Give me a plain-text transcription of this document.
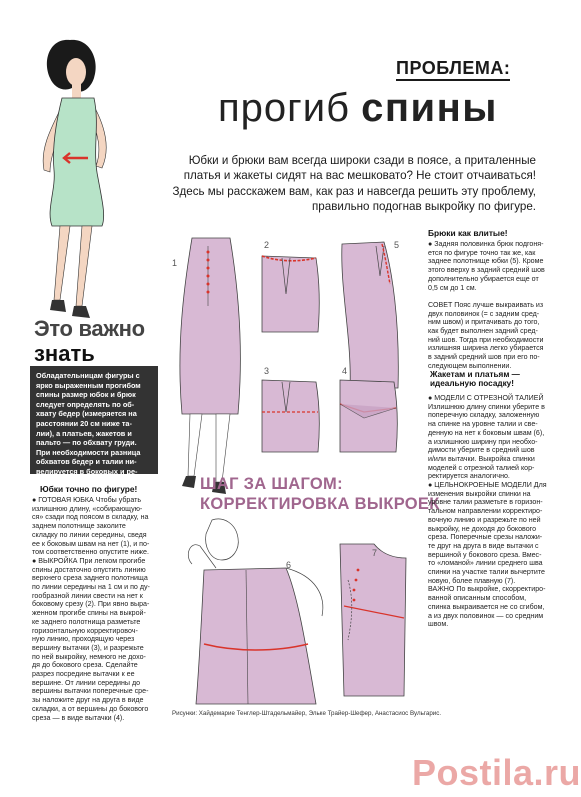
ПРОБЛЕМА:
прогиб спины
Юбки и брюки вам всегда широки сзади в поясе, а приталенные
платья и жакеты сидят на вас мешковато? Не стоит отчаиваться!
Здесь мы расскажем вам, как раз и навсегда решить эту проблему,
правильно подогнав выкройку по фигуре.
Это важно
знать
Обладательницам фигуры с
ярко выраженным прогибом
спины размер юбок и брюк
следует определять по об-
хвату бедер (измеряется на
расстоянии 20 см ниже та-
лии), а платьев, жакетов и
пальто — по обхвату груди.
При необходимости разница
обхватов бедер и талии ни-
велируется в боковых и ре-
льефных швах.
Юбки точно по фигуре!
● ГОТОВАЯ ЮБКА Чтобы убрать
излишнюю длину, «собирающую-
ся» сзади под поясом в складку, на
заднем полотнище заколите
складку по линии середины, сведя
ее к боковым швам на нет (1), и по-
том соответственно опустите ниже.
● ВЫКРОЙКА При легком прогибе
спины достаточно опустить линию
верхнего среза заднего полотнища
по линии середины на 1 см и по ду-
гообразной линии свести на нет к
боковому срезу (2). При явно выра-
женном прогибе спины на выкрой-
ке заднего полотнища разметьте
горизонтальную корректировоч-
ную линию, проходящую через
вершину вытачки (3), и разрежьте
по ней выкройку, немного не дохо-
дя до бокового среза. Сделайте
разрез посредине вытачки к ее
вершине. От линии середины до
вершины вытачки поперечные сре-
зы наложите друг на друга в виде
складки, а от вершины до бокового
среза — в виде вытачки (4).
1
2	5
3	4
ШАГ ЗА ШАГОМ:
КОРРЕКТИРОВКА ВЫКРОЕК
6
7
Брюки как влитые!
● Задняя половинка брюк подгоня-
ется по фигуре точно так же, как
заднее полотнище юбки (5). Кроме
этого вверху в задний средний шов
дополнительно убирается еще от
0,5 см до 1 см.

СОВЕТ Пояс лучше выкраивать из
двух половинок (= с задним сред-
ним швом) и притачивать до того,
как будет выполнен задний сред-
ний шов. Тогда при необходимости
излишняя ширина легко убирается
в задний средний шов при его по-
следующем выполнении.
Жакетам и платьям —
идеальную посадку!
● МОДЕЛИ С ОТРЕЗНОЙ ТАЛИЕЙ
Излишнюю длину спинки уберите в
поперечную складку, заложенную
на спинке на уровне талии и све-
денную на нет к боковым швам (6),
а излишнюю ширину при необхо-
димости уберите в средний шов
и/или вытачки. Выкройка спинки
моделей с отрезной талией кор-
ректируется аналогично.
● ЦЕЛЬНОКРОЕНЫЕ МОДЕЛИ Для
изменения выкройки спинки на
уровне талии разметьте в горизон-
тальном направлении корректиро-
вочную линию и разрежьте по ней
выкройку, не доходя до бокового
среза. Поперечные срезы наложи-
те друг на друга в виде вытачки с
вершиной у бокового среза. Вмес-
то «ломаной» линии среднего шва
спинки на участке талии вычертите
новую, более плавную (7).
ВАЖНО По выкройке, скорректиро-
ванной описанным способом,
спинка выкраивается не со сгибом,
а из двух половинок — со средним
швом.
Рисунки: Хайдемарие Тенглер-Штадельмайер, Эльке Трайер-Шефер, Анастасиос Вульгарис.
Postila.ru
